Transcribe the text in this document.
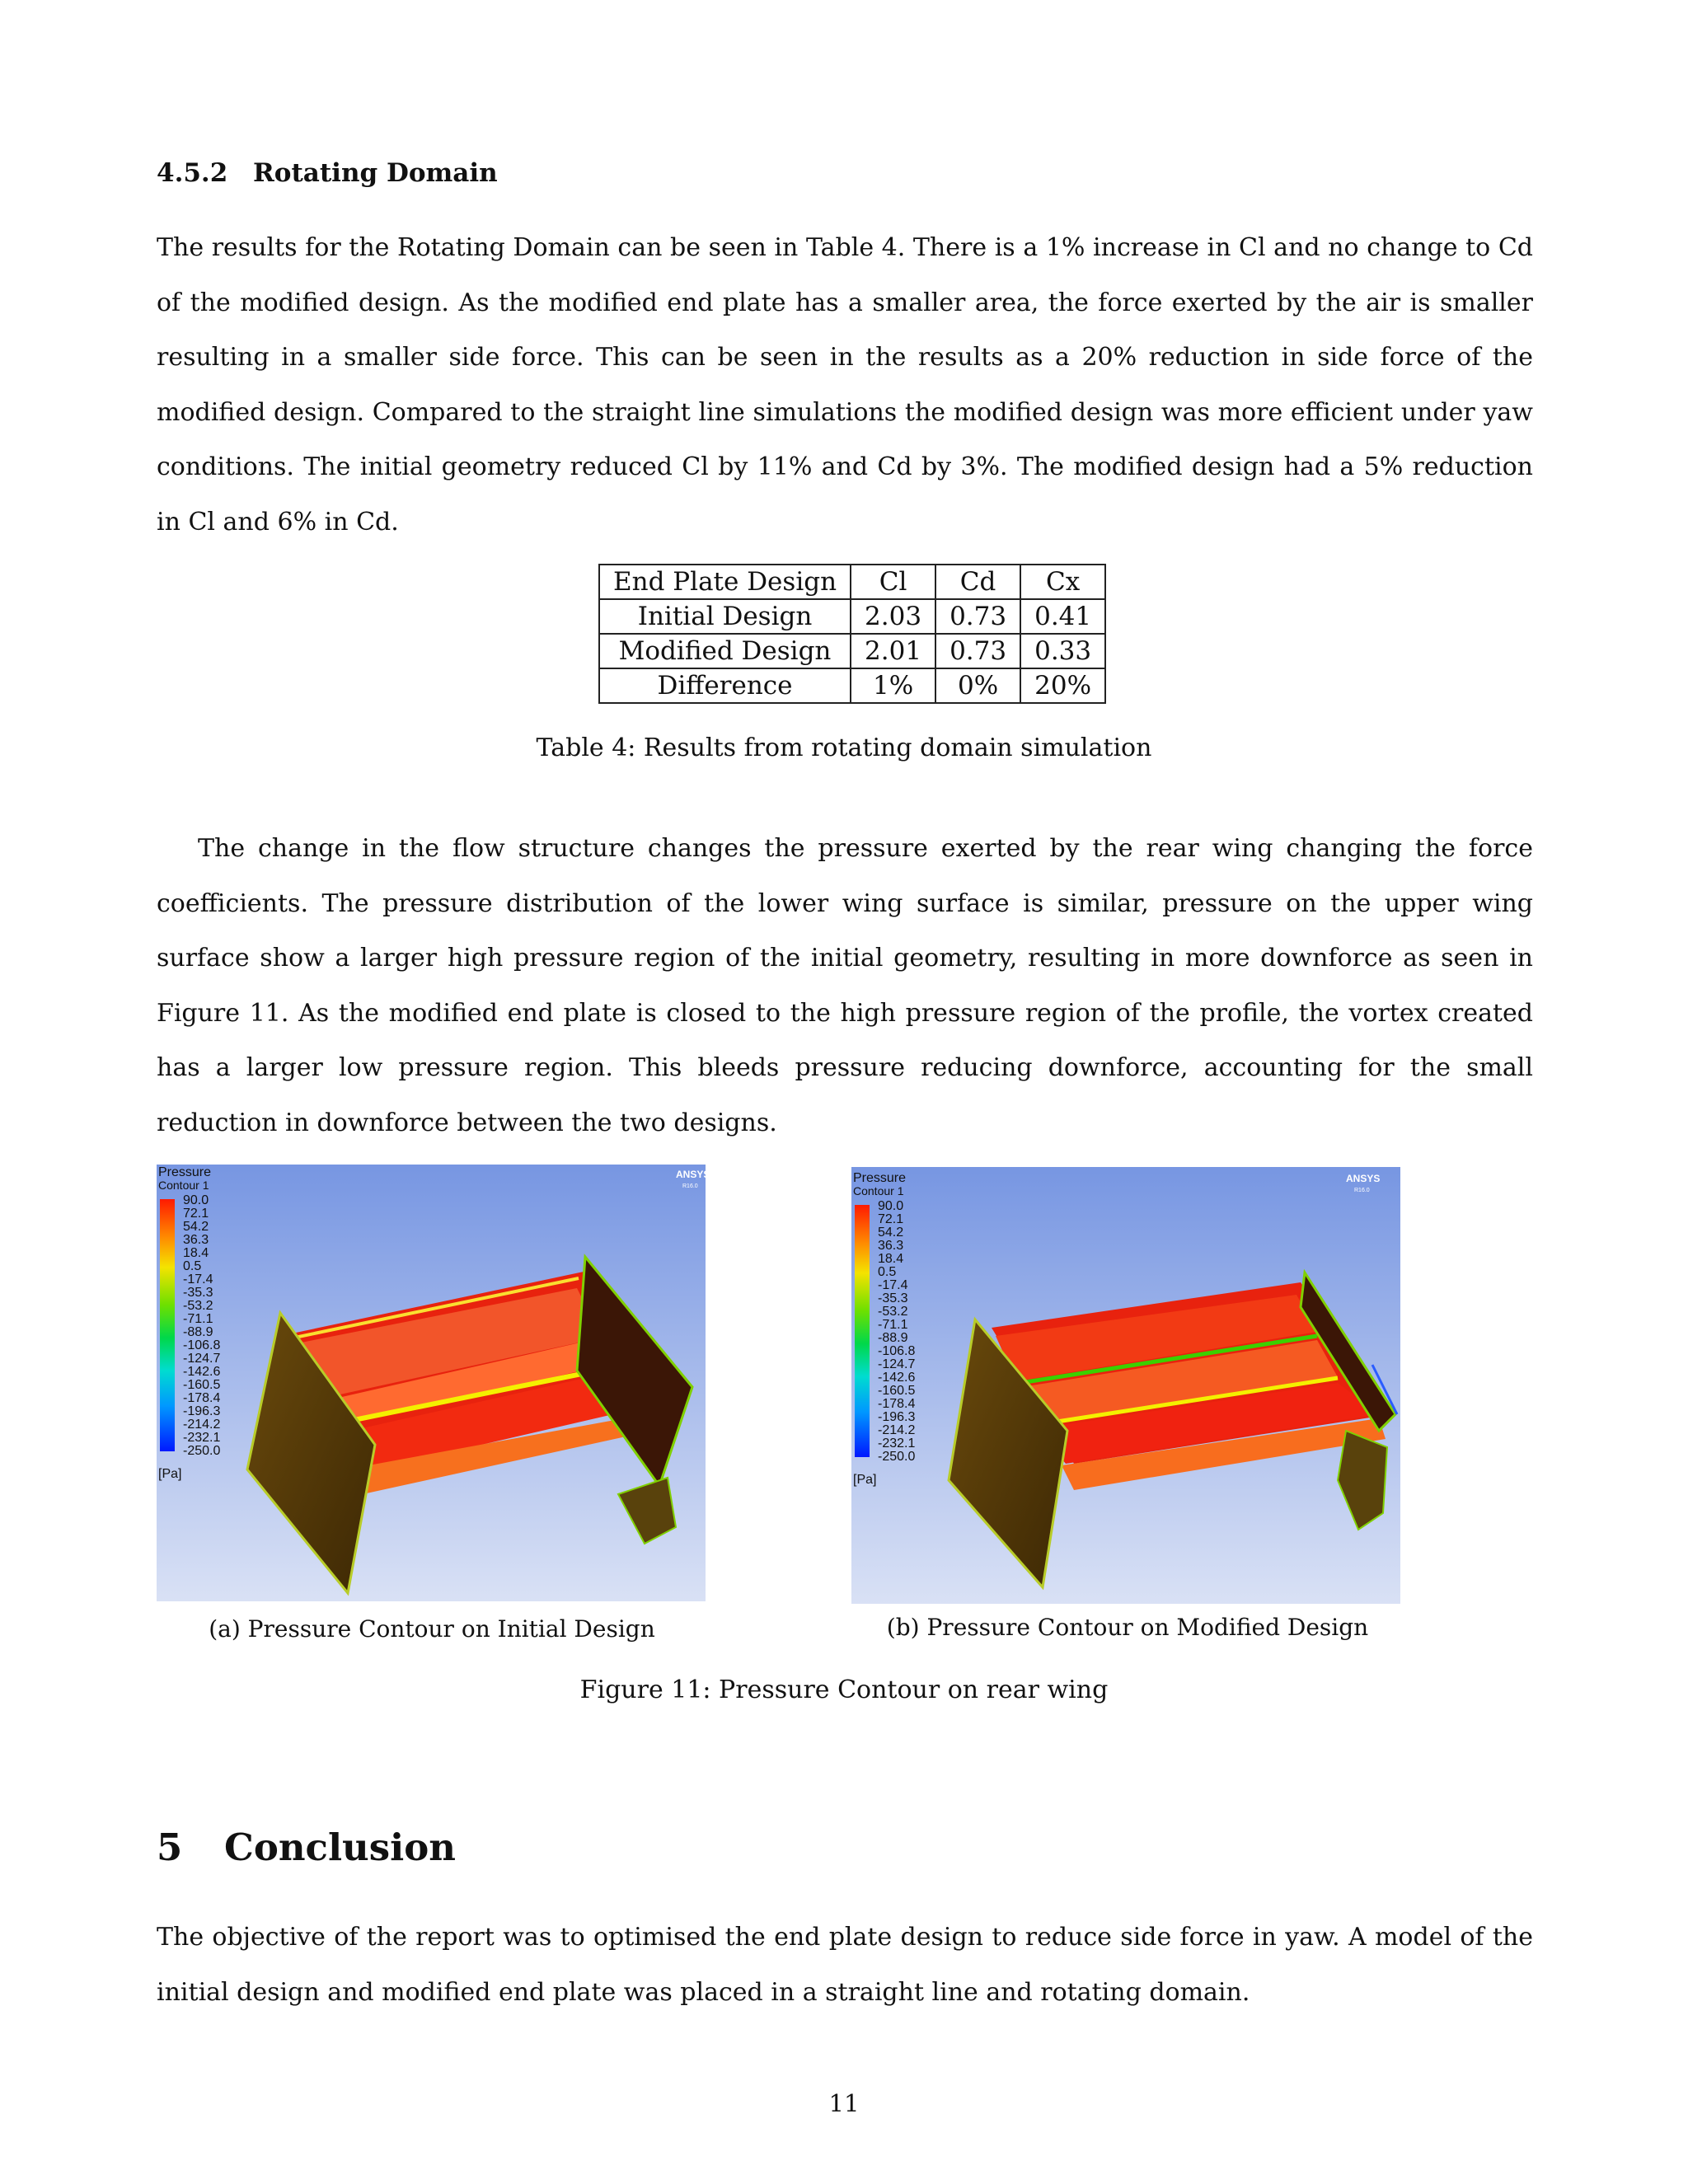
4.5.2 Rotating Domain

The results for the Rotating Domain can be seen in Table 4. There is a 1% increase in Cl and no change to Cd of the modified design. As the modified end plate has a smaller area, the force exerted by the air is smaller resulting in a smaller side force. This can be seen in the results as a 20% reduction in side force of the modified design. Compared to the straight line simulations the modified design was more efficient under yaw conditions. The initial geometry reduced Cl by 11% and Cd by 3%. The modified design had a 5% reduction in Cl and 6% in Cd.

End Plate Design	Cl	Cd	Cx
Initial Design	2.03	0.73	0.41
Modified Design	2.01	0.73	0.33
Difference	1%	0%	20%
Table 4: Results from rotating domain simulation

The change in the flow structure changes the pressure exerted by the rear wing changing the force coefficients. The pressure distribution of the lower wing surface is similar, pressure on the upper wing surface show a larger high pressure region of the initial geometry, resulting in more downforce as seen in Figure 11. As the modified end plate is closed to the high pressure region of the profile, the vortex created has a larger low pressure region. This bleeds pressure reducing downforce, accounting for the small reduction in downforce between the two designs.

ANSYS
R16.0
Pressure
Contour 1
90.0
72.1
54.2
36.3
18.4
0.5
-17.4
-35.3
-53.2
-71.1
-88.9
-106.8
-124.7
-142.6
-160.5
-178.4
-196.3
-214.2
-232.1
-250.0
[Pa]
(a) Pressure Contour on Initial Design
ANSYS
R16.0
Pressure
Contour 1
90.0
72.1
54.2
36.3
18.4
0.5
-17.4
-35.3
-53.2
-71.1
-88.9
-106.8
-124.7
-142.6
-160.5
-178.4
-196.3
-214.2
-232.1
-250.0
[Pa]
(b) Pressure Contour on Modified Design
Figure 11: Pressure Contour on rear wing
5 Conclusion

The objective of the report was to optimised the end plate design to reduce side force in yaw. A model of the initial design and modified end plate was placed in a straight line and rotating domain.

11
